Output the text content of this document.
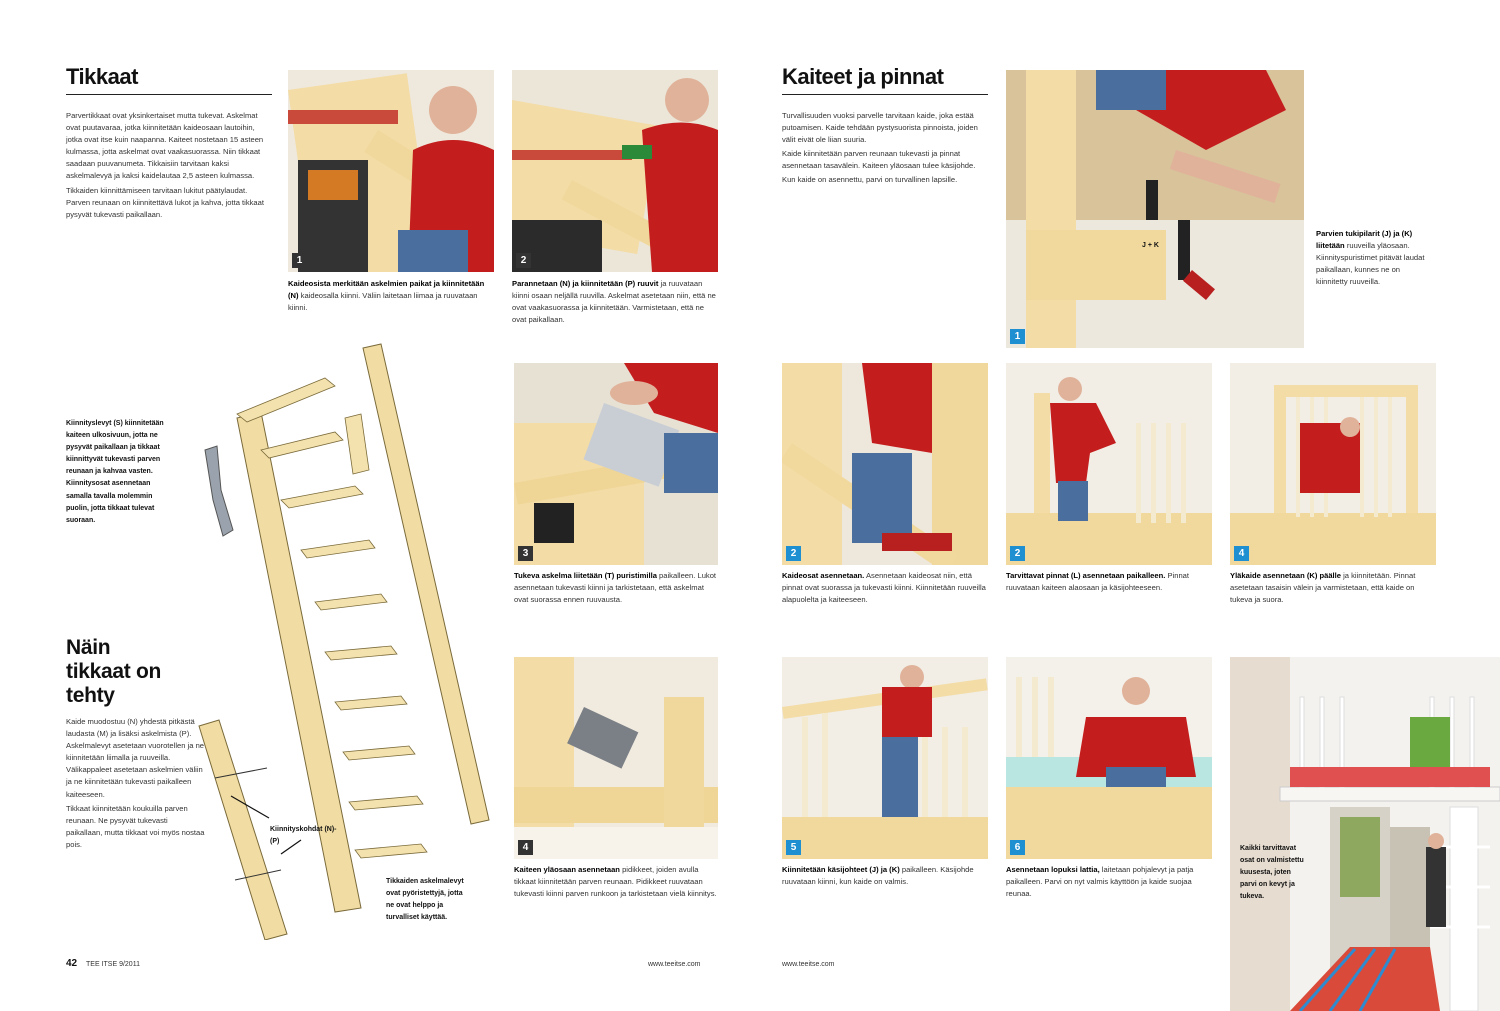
Tikkaat

Parvertikkaat ovat yksinkertaiset mutta tukevat. Askelmat ovat puutavaraa, jotka kiinnitetään kaideosaan lautoihin, jotka ovat itse kuin naapanna. Kaiteet nostetaan 15 asteen kulmassa, jotta askelmat ovat vaakasuorassa. Niin tikkaat saadaan puuvanumeta. Tikkaisiin tarvitaan kaksi askelmalevyä ja kaksi kaidelautaa 2,5 asteen kulmassa.

Tikkaiden kiinnittämiseen tarvitaan lukitut päätylaudat. Parven reunaan on kiinnitettävä lukot ja kahva, jotta tikkaat pysyvät tukevasti paikallaan.

1
Kaideosista merkitään askelmien paikat ja kiinnitetään (N) kaideosalla kiinni. Väliin laitetaan liimaa ja ruuvataan kiinni.
2
Parannetaan (N) ja kiinnitetään (P) ruuvit ja ruuvataan kiinni osaan neljällä ruuvilla. Askelmat asetetaan niin, että ne ovat vaakasuorassa ja kiinnitetään. Varmistetaan, että ne ovat paikallaan.
Kiinnityslevyt (S) kiinnitetään kaiteen ulkosivuun, jotta ne pysyvät paikallaan ja tikkaat kiinnittyvät tukevasti parven reunaan ja kahvaa vasten. Kiinnitysosat asennetaan samalla tavalla molemmin puolin, jotta tikkaat tulevat suoraan.
Kiinnityskohdat (N)-(P)
Tikkaiden askelmalevyt ovat pyöristettyjä, jotta ne ovat helppo ja turvalliset käyttää.
Näin tikkaat on tehty

Kaide muodostuu (N) yhdestä pitkästä laudasta (M) ja lisäksi askelmista (P). Askelmalevyt asetetaan vuorotellen ja ne kiinnitetään liimalla ja ruuveilla. Välikappaleet asetetaan askelmien väliin ja ne kiinnitetään tukevasti paikalleen kaiteeseen.

Tikkaat kiinnitetään koukuilla parven reunaan. Ne pysyvät tukevasti paikallaan, mutta tikkaat voi myös nostaa pois.

3
Tukeva askelma liitetään (T) puristimilla paikalleen. Lukot asennetaan tukevasti kiinni ja tarkistetaan, että askelmat ovat suorassa ennen ruuvausta.
4
Kaiteen yläosaan asennetaan pidikkeet, joiden avulla tikkaat kiinnitetään parven reunaan. Pidikkeet ruuvataan tukevasti kiinni parven runkoon ja tarkistetaan vielä kiinnitys.
42 TEE ITSE 9/2011	www.teeitse.com
Kaiteet ja pinnat

Turvallisuuden vuoksi parvelle tarvitaan kaide, joka estää putoamisen. Kaide tehdään pystysuorista pinnoista, joiden välit eivät ole liian suuria.

Kaide kiinnitetään parven reunaan tukevasti ja pinnat asennetaan tasavälein. Kaiteen yläosaan tulee käsijohde.

Kun kaide on asennettu, parvi on turvallinen lapsille.

J + K
1
Parvien tukipilarit (J) ja (K) liitetään ruuveilla yläosaan. Kiinnityspuristimet pitävät laudat paikallaan, kunnes ne on kiinnitetty ruuveilla.
2
Kaideosat asennetaan. Asennetaan kaideosat niin, että pinnat ovat suorassa ja tukevasti kiinni. Kiinnitetään ruuveilla alapuolelta ja kaiteeseen.
2
Tarvittavat pinnat (L) asennetaan paikalleen. Pinnat ruuvataan kaiteen alaosaan ja käsijohteeseen.
4
Yläkaide asennetaan (K) päälle ja kiinnitetään. Pinnat asetetaan tasaisin välein ja varmistetaan, että kaide on tukeva ja suora.
5
Kiinnitetään käsijohteet (J) ja (K) paikalleen. Käsijohde ruuvataan kiinni, kun kaide on valmis.
6
Asennetaan lopuksi lattia, laitetaan pohjalevyt ja patja paikalleen. Parvi on nyt valmis käyttöön ja kaide suojaa reunaa.
Kaikki tarvittavat osat on valmistettu kuusesta, joten parvi on kevyt ja tukeva.
www.teeitse.com
